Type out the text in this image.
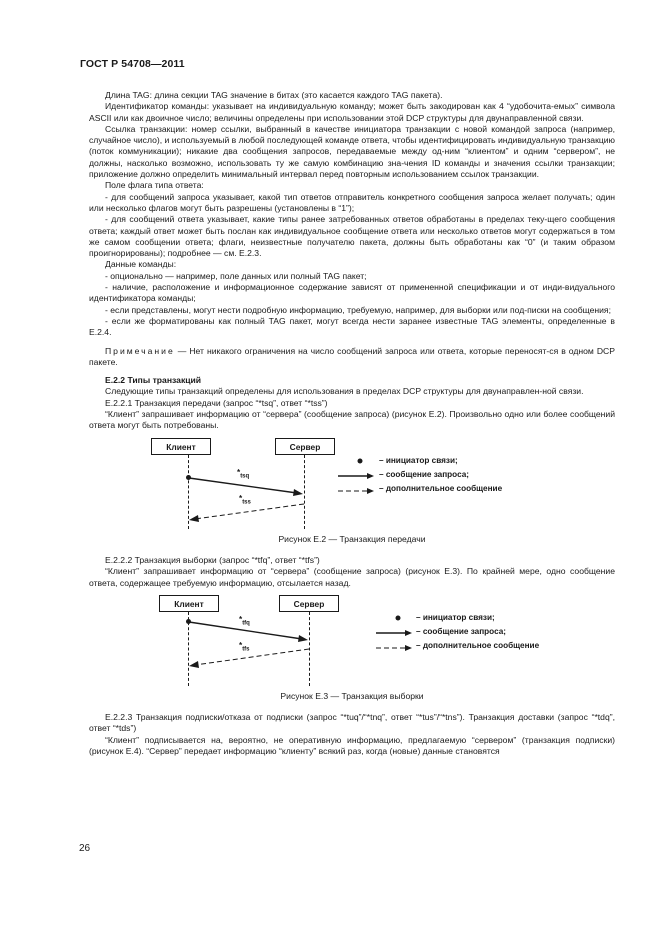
ГОСТ Р 54708—2011

Длина TAG: длина секции TAG значение в битах (это касается каждого TAG пакета).

Идентификатор команды: указывает на индивидуальную команду; может быть закодирован как 4 “удобочита-емых” символа ASCII или как двоичное число; величины определены при использовании этой DCP структуры для двунаправленной связи.

Ссылка транзакции: номер ссылки, выбранный в качестве инициатора транзакции с новой командой запроса (например, случайное число), и используемый в любой последующей команде ответа, чтобы идентифицировать индивидуальную транзакцию (поток коммуникации); никакие два сообщения запросов, передаваемые между од-ним “клиентом” и одним “сервером”, не должны, насколько возможно, использовать ту же самую комбинацию зна-чения ID команды и значения ссылки транзакции; приложение должно определить минимальный интервал перед повторным использованием ссылок транзакции.

Поле флага типа ответа:

- для сообщений запроса указывает, какой тип ответов отправитель конкретного сообщения запроса желает получать; один или несколько флагов могут быть разрешены (установлены в “1”);

- для сообщений ответа указывает, какие типы ранее затребованных ответов обработаны в пределах теку-щего сообщения ответа; каждый ответ может быть послан как индивидуальное сообщение ответа или несколько ответов могут содержаться в том же самом сообщении ответа; флаги, неизвестные получателю пакета, должны быть обработаны как “0” (и таким образом проигнорированы); подробнее — см. Е.2.3.

Данные команды:

- опционально — например, поле данных или полный TAG пакет;

- наличие, расположение и информационное содержание зависят от примененной спецификации и от инди-видуального идентификатора команды;

- если представлены, могут нести подробную информацию, требуемую, например, для выборки или под-писки на сообщения;

- если же форматированы как полный TAG пакет, могут всегда нести заранее известные TAG элементы, определенные в Е.2.4.

Примечание — Нет никакого ограничения на число сообщений запроса или ответа, которые переносят-ся в одном DCP пакете.

Е.2.2 Типы транзакций

Следующие типы транзакций определены для использования в пределах DCP структуры для двунаправлен-ной связи.

Е.2.2.1 Транзакция передачи (запрос “*tsq”, ответ “*tss”)

“Клиент” запрашивает информацию от “сервера” (сообщение запроса) (рисунок Е.2). Произвольно одно или более сообщений ответа могут быть потребованы.

Клиент	Сервер
$*_{tsq}$
$*_{tss}$
– инициатор связи;
– сообщение запроса;
– дополнительное сообщение

Рисунок Е.2 — Транзакция передачи

Е.2.2.2 Транзакция выборки (запрос “*tfq”, ответ “*tfs”)

“Клиент” запрашивает информацию от “сервера” (сообщение запроса) (рисунок Е.3). По крайней мере, одно сообщение ответа, содержащее требуемую информацию, отсылается назад.

Клиент	Сервер
$*_{tfq}$
$*_{tfs}$
– инициатор связи;
– сообщение запроса;
– дополнительное сообщение

Рисунок Е.3 — Транзакция выборки

Е.2.2.3 Транзакция подписки/отказа от подписки (запрос “*tuq”/“*tnq”, ответ “*tus”/“*tns”). Транзакция доставки (запрос “*tdq”, ответ “*tds”)

“Клиент” подписывается на, вероятно, не оперативную информацию, предлагаемую “сервером” (транзакция подписки) (рисунок Е.4). “Сервер” передает информацию “клиенту” всякий раз, когда (новые) данные становятся

26
